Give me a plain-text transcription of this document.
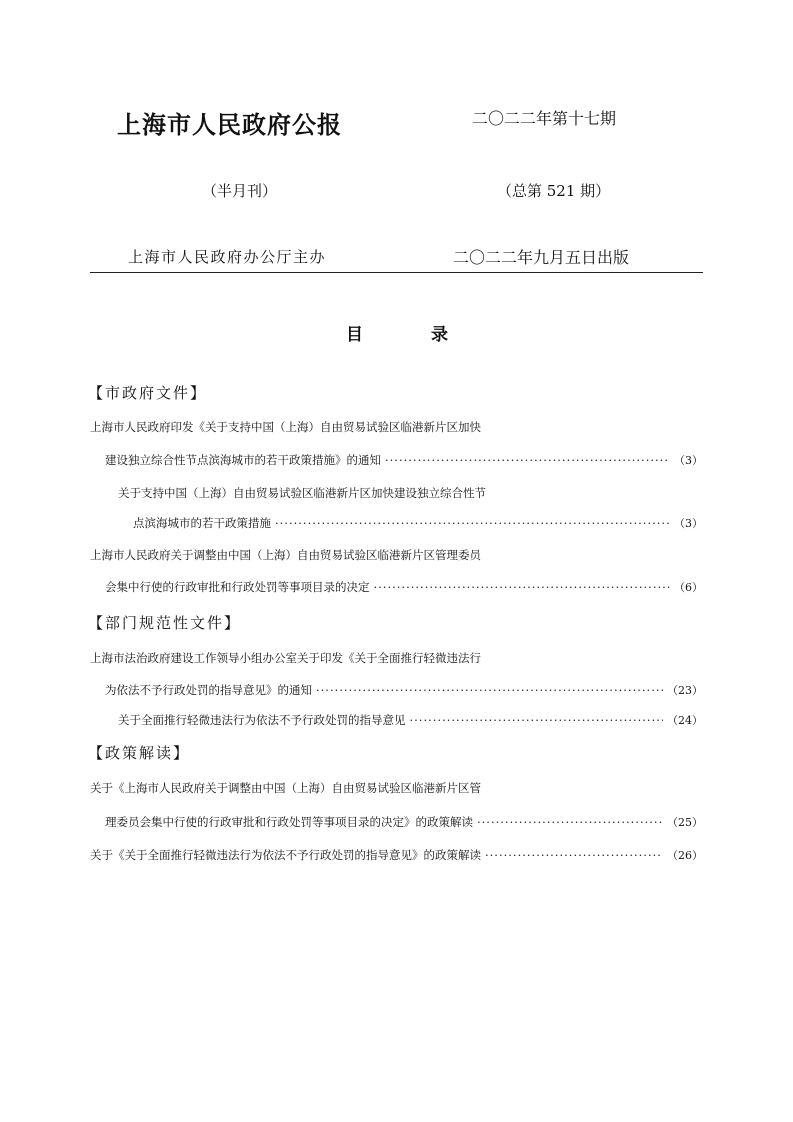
上海市人民政府公报	二〇二二年第十七期
（半月刊）	（总第 521 期）
上海市人民政府办公厅主办	二〇二二年九月五日出版
目	录
【市政府文件】
上海市人民政府印发《关于支持中国（上海）自由贸易试验区临港新片区加快
建设独立综合性节点滨海城市的若干政策措施》的通知 ·····	（3）
关于支持中国（上海）自由贸易试验区临港新片区加快建设独立综合性节
点滨海城市的若干政策措施 ·····	（3）
上海市人民政府关于调整由中国（上海）自由贸易试验区临港新片区管理委员
会集中行使的行政审批和行政处罚等事项目录的决定 ·····	（6）
【部门规范性文件】
上海市法治政府建设工作领导小组办公室关于印发《关于全面推行轻微违法行
为依法不予行政处罚的指导意见》的通知 ·····	（23）
关于全面推行轻微违法行为依法不予行政处罚的指导意见 ·····	（24）
【政策解读】
关于《上海市人民政府关于调整由中国（上海）自由贸易试验区临港新片区管
理委员会集中行使的行政审批和行政处罚等事项目录的决定》的政策解读 ·····	（25）
关于《关于全面推行轻微违法行为依法不予行政处罚的指导意见》的政策解读 ·····	（26）
